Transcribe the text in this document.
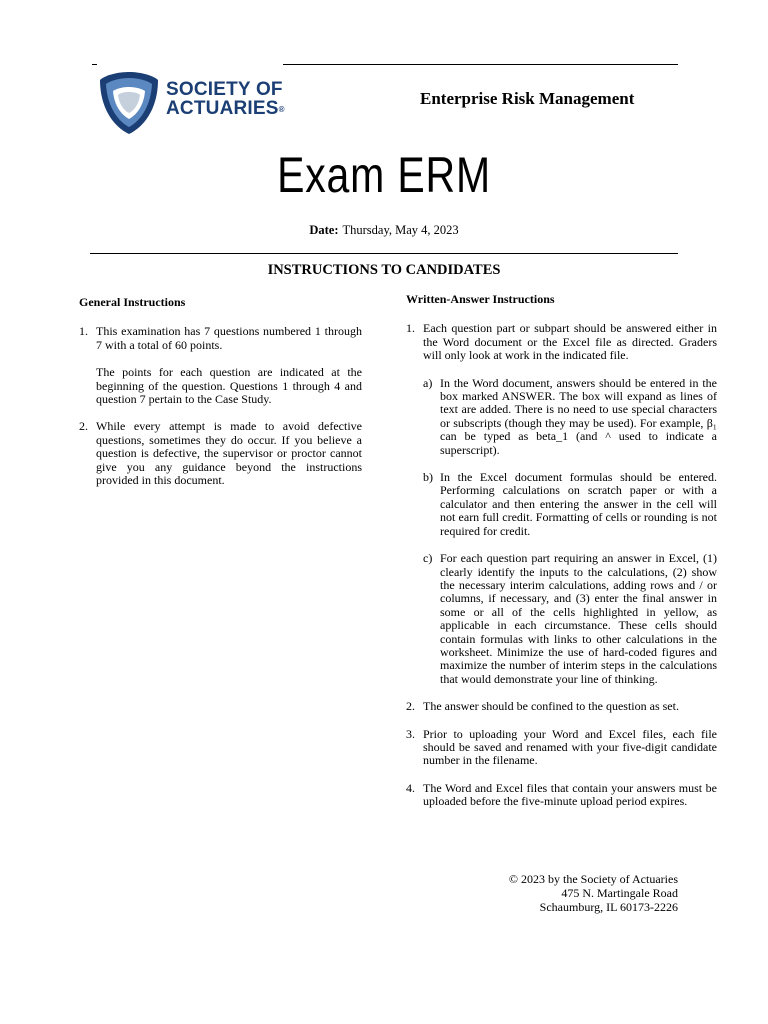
SOCIETY OF
ACTUARIES®
Enterprise Risk Management
Exam ERM
Date: Thursday, May 4, 2023
INSTRUCTIONS TO CANDIDATES
General Instructions
1. This examination has 7 questions numbered 1 through 7 with a total of 60 points.

The points for each question are indicated at the beginning of the question. Questions 1 through 4 and question 7 pertain to the Case Study.

2. While every attempt is made to avoid defective questions, sometimes they do occur. If you believe a question is defective, the supervisor or proctor cannot give you any guidance beyond the instructions provided in this document.

Written-Answer Instructions
1. Each question part or subpart should be answered either in the Word document or the Excel file as directed. Graders will only look at work in the indicated file.

a) In the Word document, answers should be entered in the box marked ANSWER. The box will expand as lines of text are added. There is no need to use special characters or subscripts (though they may be used). For example, β₁ can be typed as beta_1 (and ^ used to indicate a superscript).
b) In the Excel document formulas should be entered. Performing calculations on scratch paper or with a calculator and then entering the answer in the cell will not earn full credit. Formatting of cells or rounding is not required for credit.
c) For each question part requiring an answer in Excel, (1) clearly identify the inputs to the calculations, (2) show the necessary interim calculations, adding rows and / or columns, if necessary, and (3) enter the final answer in some or all of the cells highlighted in yellow, as applicable in each circumstance. These cells should contain formulas with links to other calculations in the worksheet. Minimize the use of hard-coded figures and maximize the number of interim steps in the calculations that would demonstrate your line of thinking.
2. The answer should be confined to the question as set.
3. Prior to uploading your Word and Excel files, each file should be saved and renamed with your five-digit candidate number in the filename.
4. The Word and Excel files that contain your answers must be uploaded before the five-minute upload period expires.
© 2023 by the Society of Actuaries
475 N. Martingale Road
Schaumburg, IL 60173-2226
